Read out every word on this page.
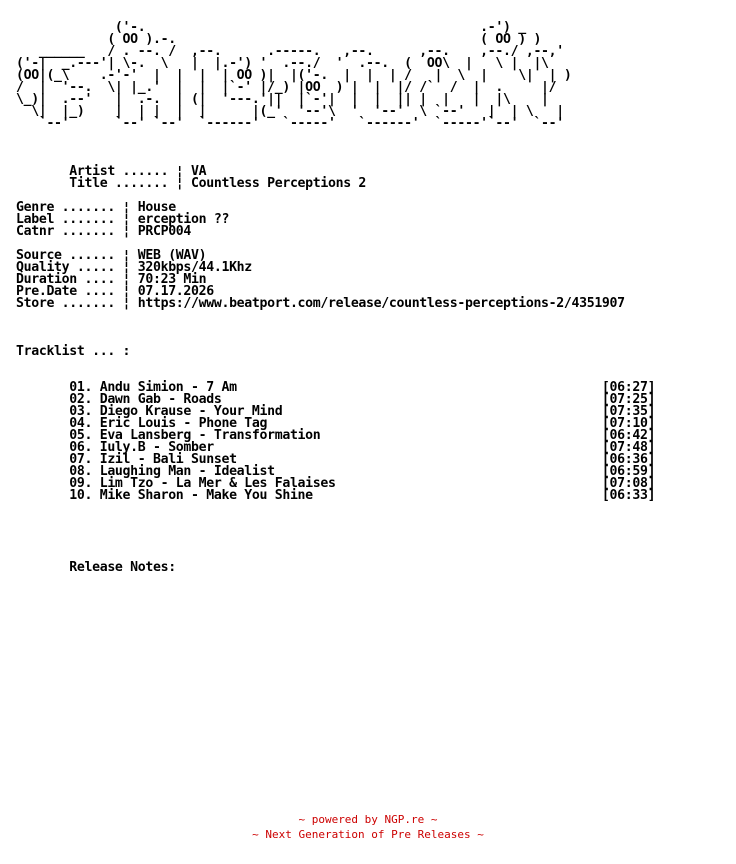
('-.                                            .-') _
( OO ).-.                                        ( OO ) )
______   / . --. /  ,--.      .-----.   ,--.      ,--.    ,--./ ,--,'
('-|  _.---'| \-.  \   |  |.-') '  .--./  '  .--.  (  OO\  |   \ |  |\
(OO|(_\    .-'-'  |  |  |  | OO )|  |('-.  |  |  | /   |  \  |    \|  | )
/  |  '--.  \| |_.'  |  |  |`-' |/_) |OO  ) |  |  |/ /`  /  |  .     |/
\_)|  .--'   |  .-.  | (|  '---.'||  |`-'|  |  |  || |  |   |  |\    |
\|  |_)    |  | |  |  |      |(_'  '--'\  '  '--'  \ `--'   |  | \   |
`--'      `--' `--'  `------'   `-----'   `------'  `-----'`--'  `--'
Artist ...... ¦ VA
Title ....... ¦ Countless Perceptions 2
Genre ....... ¦ House
Label ....... ¦ erception ??
Catnr ....... ¦ PRCP004
Source ...... ¦ WEB (WAV)
Quality ..... ¦ 320kbps/44.1Khz
Duration .... ¦ 70:23 Min
Pre.Date .... ¦ 07.17.2026
Store ....... ¦ https://www.beatport.com/release/countless-perceptions-2/4351907
Tracklist ... :
01. Andu Simion - 7 Am                                                [06:27]
02. Dawn Gab - Roads                                                  [07:25]
03. Diego Krause - Your Mind                                          [07:35]
04. Eric Louis - Phone Tag                                            [07:10]
05. Eva Lansberg - Transformation                                     [06:42]
06. Iuly.B - Somber                                                   [07:48]
07. Izil - Bali Sunset                                                [06:36]
08. Laughing Man - Idealist                                           [06:59]
09. Lim Tzo - La Mer & Les Falaises                                   [07:08]
10. Mike Sharon - Make You Shine                                      [06:33]
Release Notes:
~ powered by NGP.re ~
~ Next Generation of Pre Releases ~
